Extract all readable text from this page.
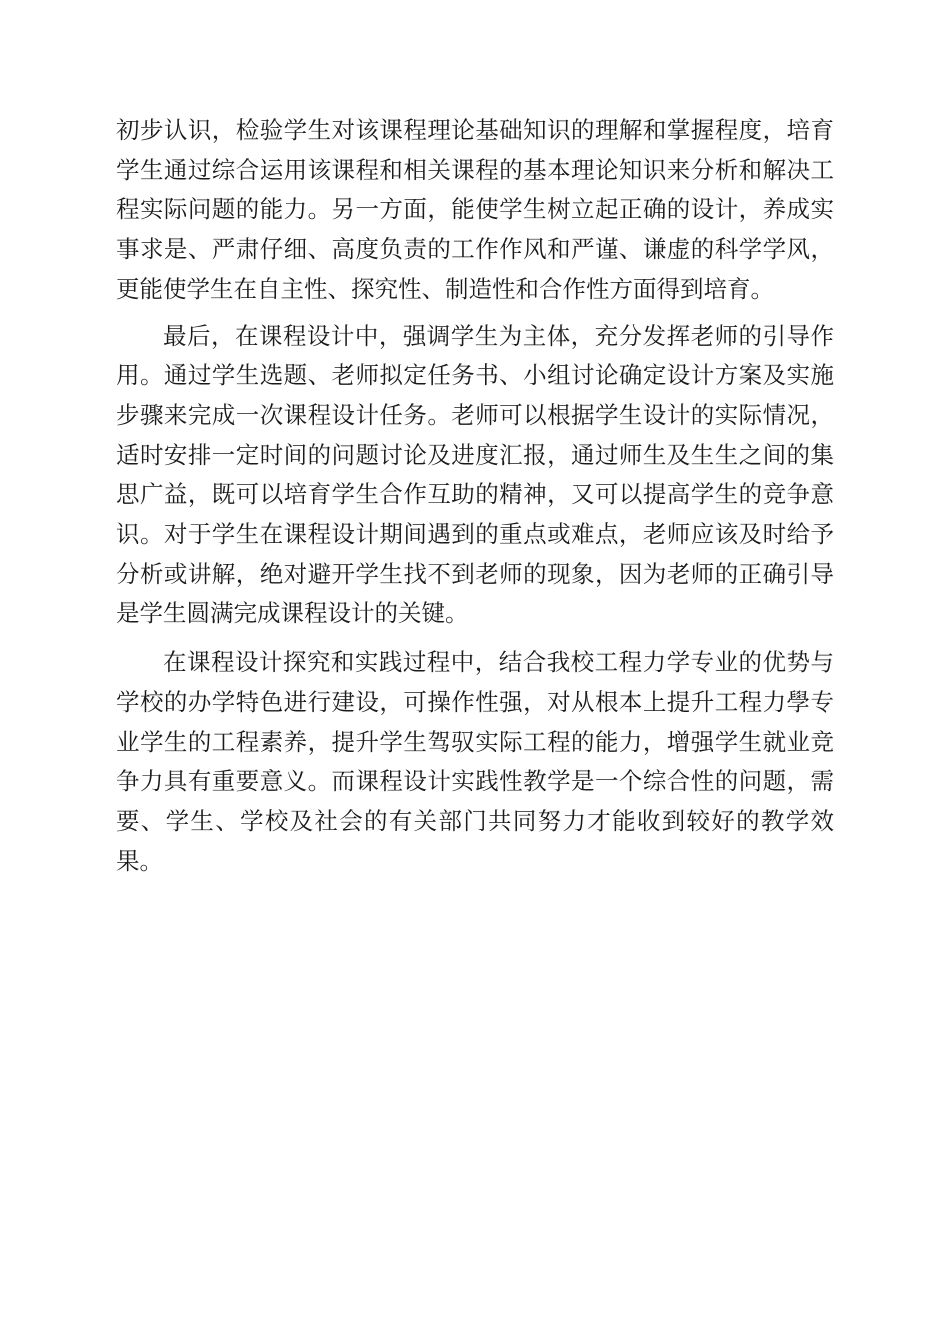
初步认识，检验学生对该课程理论基础知识的理解和掌握程度，培育学生通过综合运用该课程和相关课程的基本理论知识来分析和解决工程实际问题的能力。另一方面，能使学生树立起正确的设计，养成实事求是、严肃仔细、高度负责的工作作风和严谨、谦虚的科学学风，更能使学生在自主性、探究性、制造性和合作性方面得到培育。

最后，在课程设计中，强调学生为主体，充分发挥老师的引导作用。通过学生选题、老师拟定任务书、小组讨论确定设计方案及实施步骤来完成一次课程设计任务。老师可以根据学生设计的实际情况，适时安排一定时间的问题讨论及进度汇报，通过师生及生生之间的集思广益，既可以培育学生合作互助的精神，又可以提高学生的竞争意识。对于学生在课程设计期间遇到的重点或难点，老师应该及时给予分析或讲解，绝对避开学生找不到老师的现象，因为老师的正确引导是学生圆满完成课程设计的关键。

在课程设计探究和实践过程中，结合我校工程力学专业的优势与学校的办学特色进行建设，可操作性强，对从根本上提升工程力學专业学生的工程素养，提升学生驾驭实际工程的能力，增强学生就业竞争力具有重要意义。而课程设计实践性教学是一个综合性的问题，需要、学生、学校及社会的有关部门共同努力才能收到较好的教学效果。
